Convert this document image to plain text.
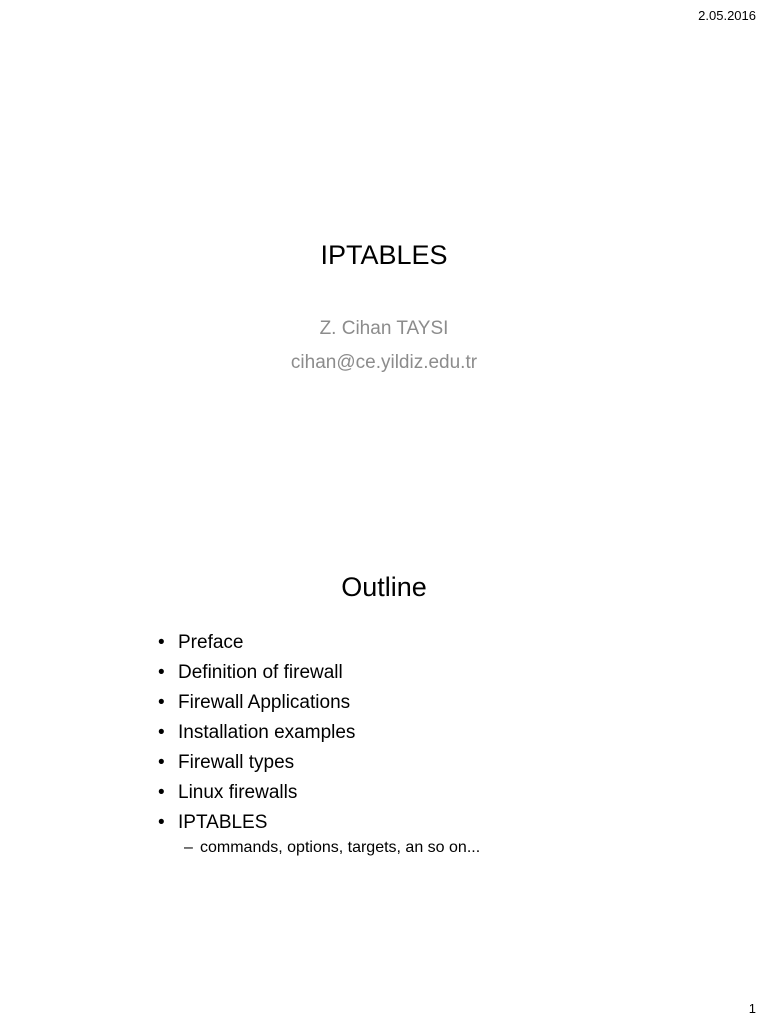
2.05.2016
IPTABLES
Z. Cihan TAYSI
cihan@ce.yildiz.edu.tr
Outline
• Preface
• Definition of firewall
• Firewall Applications
• Installation examples
• Firewall types
• Linux firewalls
• IPTABLES
– commands, options, targets, an so on...
1
